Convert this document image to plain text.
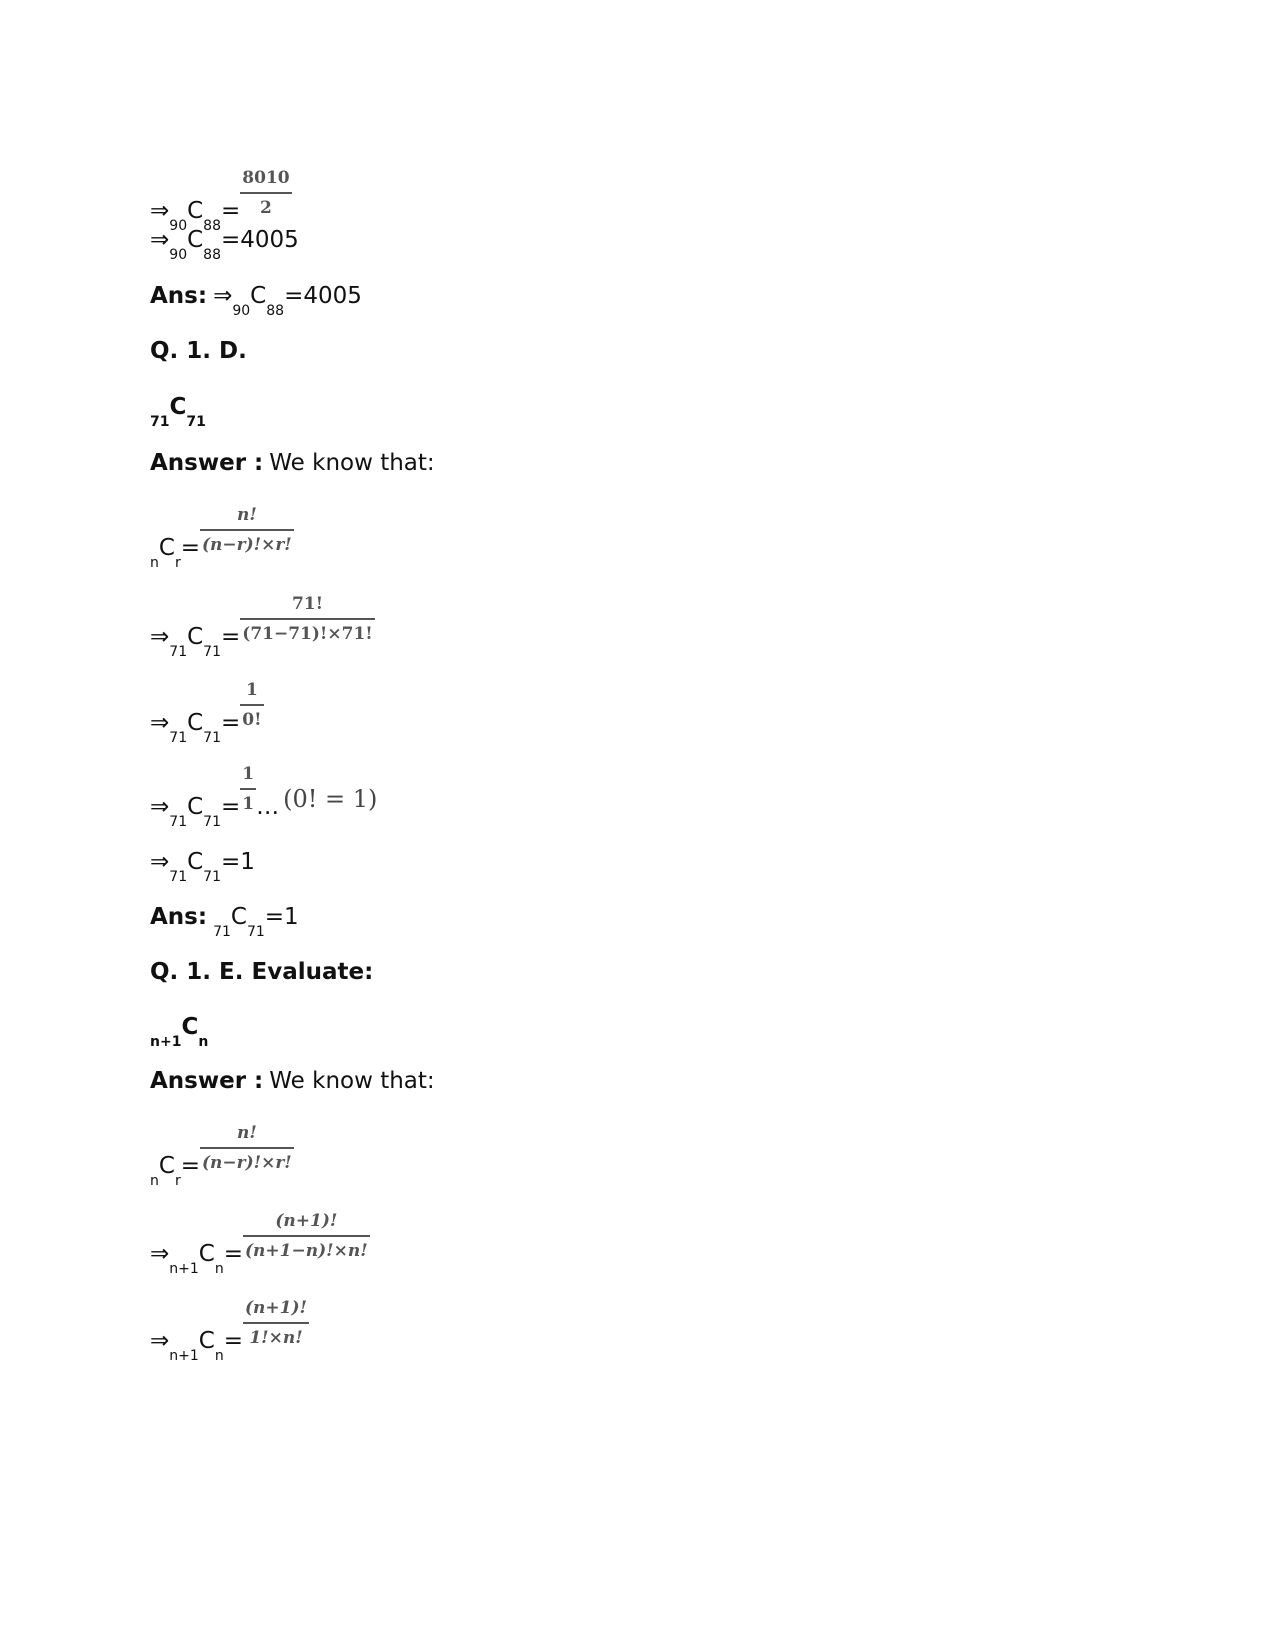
⇒
90
C
88
= $\frac{8010}{2}$
⇒
90
C
88
=4005
Ans: ⇒
90
C
88
=4005
Q. 1. D.
71
C
71
Answer : We know that:
n
C
r
= $\frac{n!}{(n-r)!\times r!}$
⇒
71
C
71
= $\frac{71!}{(71-71)!\times 71!}$
⇒
71
C
71
= $\frac{1}{0!}$
⇒
71
C
71
= $\frac{1}{1}$ … (0! = 1)
⇒
71
C
71
=1
Ans:
71
C
71
=1
Q. 1. E. Evaluate:
n+1
C
n
Answer : We know that:
n
C
r
= $\frac{n!}{(n-r)!\times r!}$
⇒
n+1
C
n
= $\frac{(n+1)!}{(n+1-n)!\times n!}$
⇒
n+1
C
n
= $\frac{(n+1)!}{1!\times n!}$
